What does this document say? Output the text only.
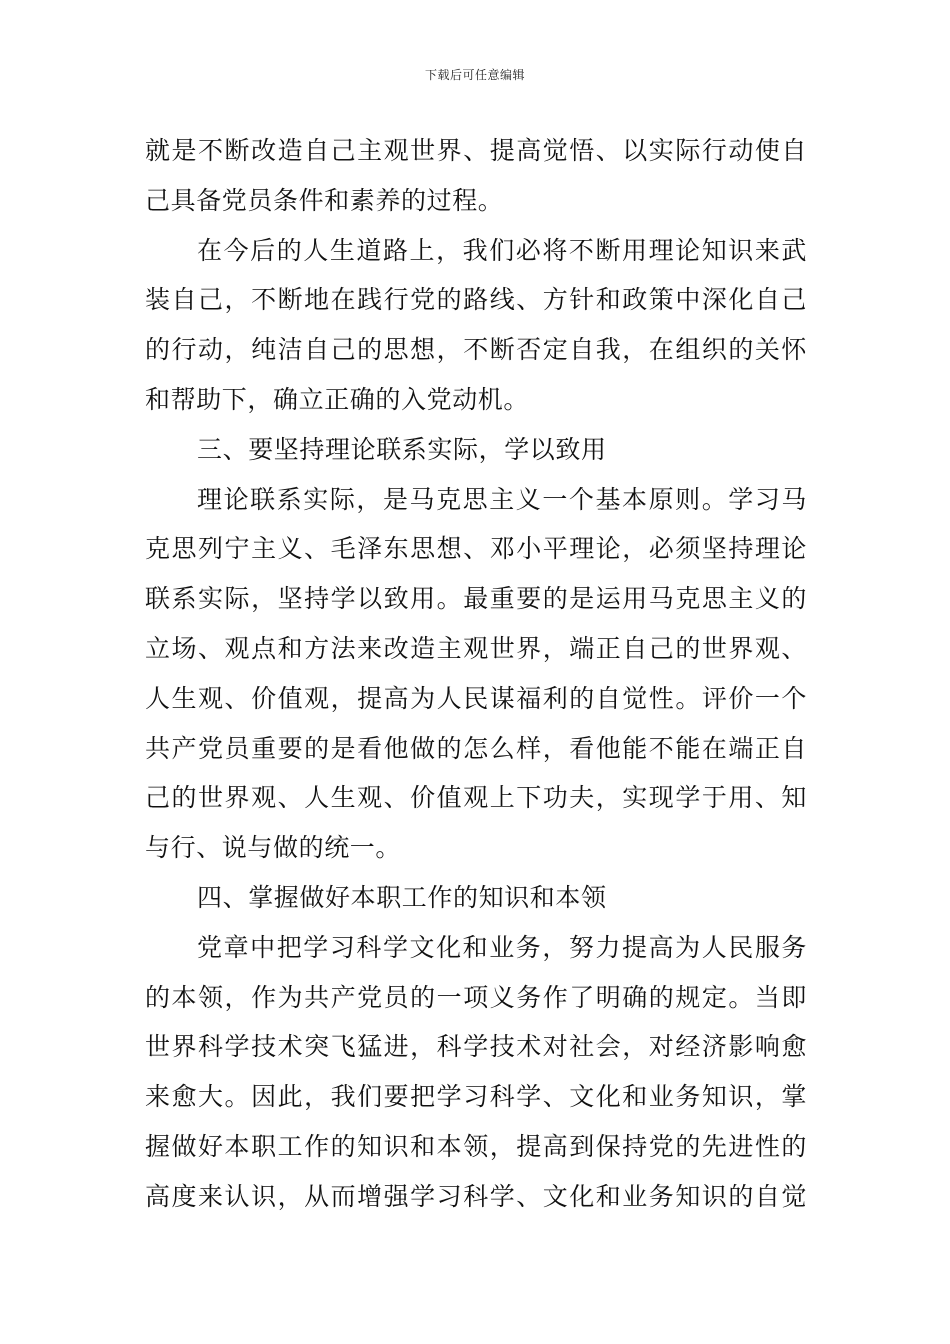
下载后可任意编辑
就是不断改造自己主观世界、提高觉悟、以实际行动使自
己具备党员条件和素养的过程。
在今后的人生道路上，我们必将不断用理论知识来武
装自己，不断地在践行党的路线、方针和政策中深化自己
的行动，纯洁自己的思想，不断否定自我，在组织的关怀
和帮助下，确立正确的入党动机。
三、要坚持理论联系实际，学以致用
理论联系实际，是马克思主义一个基本原则。学习马
克思列宁主义、毛泽东思想、邓小平理论，必须坚持理论
联系实际，坚持学以致用。最重要的是运用马克思主义的
立场、观点和方法来改造主观世界，端正自己的世界观、
人生观、价值观，提高为人民谋福利的自觉性。评价一个
共产党员重要的是看他做的怎么样，看他能不能在端正自
己的世界观、人生观、价值观上下功夫，实现学于用、知
与行、说与做的统一。
四、掌握做好本职工作的知识和本领
党章中把学习科学文化和业务，努力提高为人民服务
的本领，作为共产党员的一项义务作了明确的规定。当即
世界科学技术突飞猛进，科学技术对社会，对经济影响愈
来愈大。因此，我们要把学习科学、文化和业务知识，掌
握做好本职工作的知识和本领，提高到保持党的先进性的
高度来认识，从而增强学习科学、文化和业务知识的自觉
